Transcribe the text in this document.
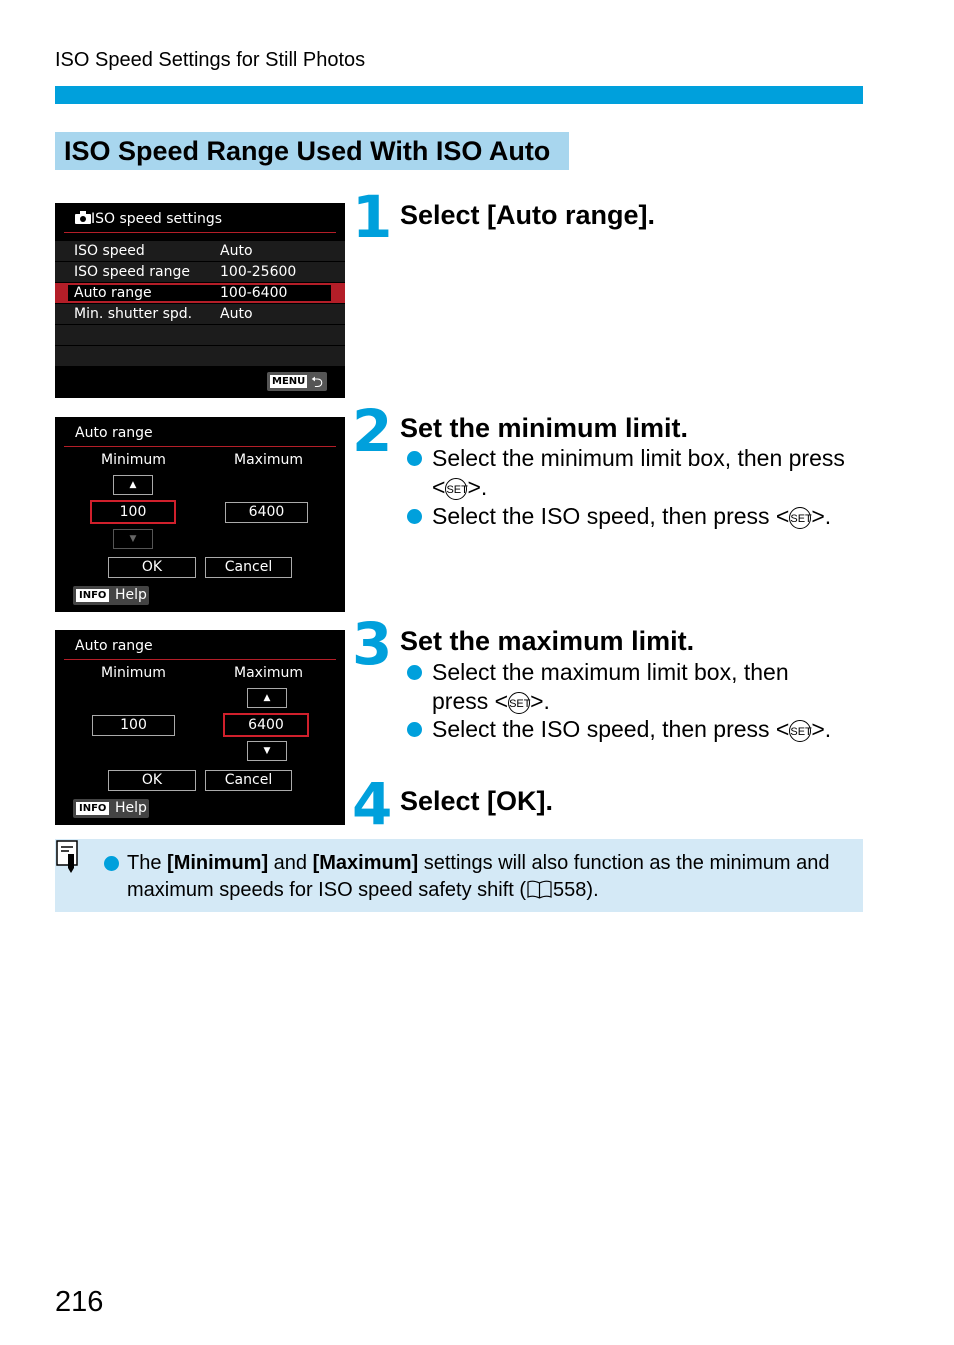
ISO Speed Settings for Still Photos
ISO Speed Range Used With ISO Auto
ISO speed settings
ISO speed	Auto
ISO speed range 100-25600
Auto range	100-6400
Min. shutter spd. Auto
MENU ⮌
Auto range
Minimum	Maximum
▲
100	6400
▼
OK	Cancel
INFO Help
Auto range
Minimum	Maximum
▲
100	6400
▼
OK	Cancel
INFO Help
1 Select [Auto range].
2 Set the minimum limit.
Select the minimum limit box, then press
<SET>.
Select the ISO speed, then press <SET>.
3 Set the maximum limit.
Select the maximum limit box, then
press <SET>.
Select the ISO speed, then press <SET>.
4 Select [OK].
The [Minimum] and [Maximum] settings will also function as the minimum and maximum speeds for ISO speed safety shift ( 558).
216
